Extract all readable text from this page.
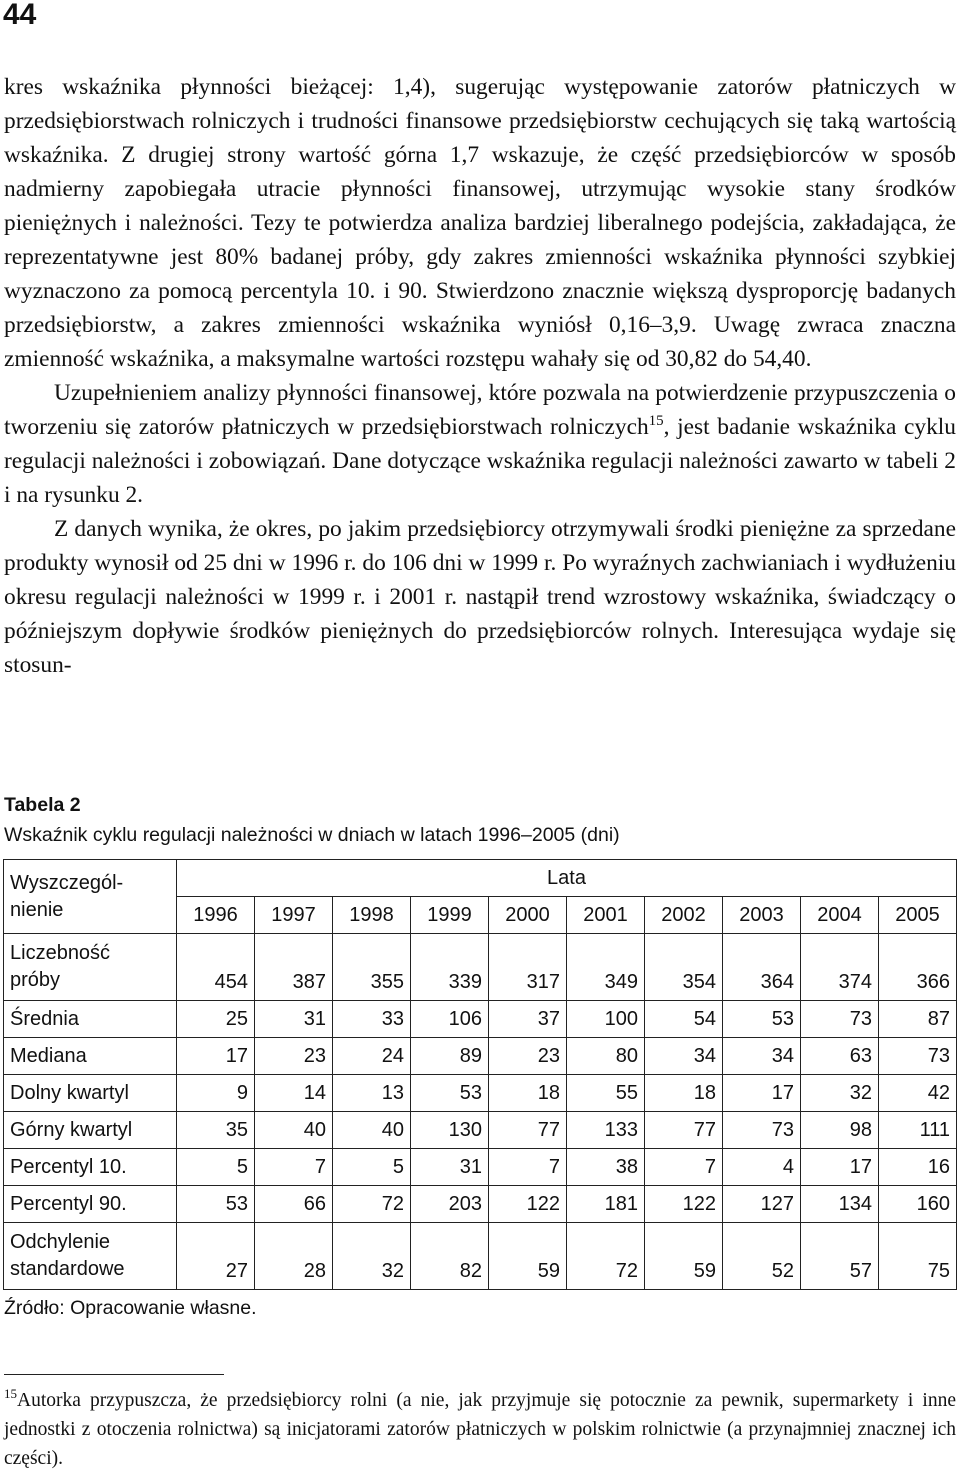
44

kres wskaźnika płynności bieżącej: 1,4), sugerując występowanie zatorów płatniczych w przedsiębiorstwach rolniczych i trudności finansowe przedsiębiorstw cechujących się taką wartością wskaźnika. Z drugiej strony wartość górna 1,7 wskazuje, że część przedsiębiorców w sposób nadmierny zapobiegała utracie płynności finansowej, utrzymując wysokie stany środków pieniężnych i należności. Tezy te potwierdza analiza bardziej liberalnego podejścia, zakładająca, że reprezentatywne jest 80% badanej próby, gdy zakres zmienności wskaźnika płynności szybkiej wyznaczono za pomocą percentyla 10. i 90. Stwierdzono znacznie większą dysproporcję badanych przedsiębiorstw, a zakres zmienności wskaźnika wyniósł 0,16–3,9. Uwagę zwraca znaczna zmienność wskaźnika, a maksymalne wartości rozstępu wahały się od 30,82 do 54,40.

Uzupełnieniem analizy płynności finansowej, które pozwala na potwierdzenie przypuszczenia o tworzeniu się zatorów płatniczych w przedsiębiorstwach rolniczych$^{15}$, jest badanie wskaźnika cyklu regulacji należności i zobowiązań. Dane dotyczące wskaźnika regulacji należności zawarto w tabeli 2 i na rysunku 2.

Z danych wynika, że okres, po jakim przedsiębiorcy otrzymywali środki pieniężne za sprzedane produkty wynosił od 25 dni w 1996 r. do 106 dni w 1999 r. Po wyraźnych zachwianiach i wydłużeniu okresu regulacji należności w 1999 r. i 2001 r. nastąpił trend wzrostowy wskaźnika, świadczący o późniejszym dopływie środków pieniężnych do przedsiębiorców rolnych. Interesująca wydaje się stosun-

Tabela 2
Wskaźnik cyklu regulacji należności w dniach w latach 1996–2005 (dni)
Wyszczegól-
nienie	Lata									
	1996	1997	1998	1999	2000	2001	2002	2003	2004	2005
Liczebność
próby	454	387	355	339	317	349	354	364	374	366
Średnia	25	31	33	106	37	100	54	53	73	87
Mediana	17	23	24	89	23	80	34	34	63	73
Dolny kwartyl	9	14	13	53	18	55	18	17	32	42
Górny kwartyl	35	40	40	130	77	133	77	73	98	111
Percentyl 10.	5	7	5	31	7	38	7	4	17	16
Percentyl 90.	53	66	72	203	122	181	122	127	134	160
Odchylenie
standardowe	27	28	32	82	59	72	59	52	57	75
Źródło: Opracowanie własne.
$^{15}$Autorka przypuszcza, że przedsiębiorcy rolni (a nie, jak przyjmuje się potocznie za pewnik, supermarkety i inne jednostki z otoczenia rolnictwa) są inicjatorami zatorów płatniczych w polskim rolnictwie (a przynajmniej znacznej ich części).
